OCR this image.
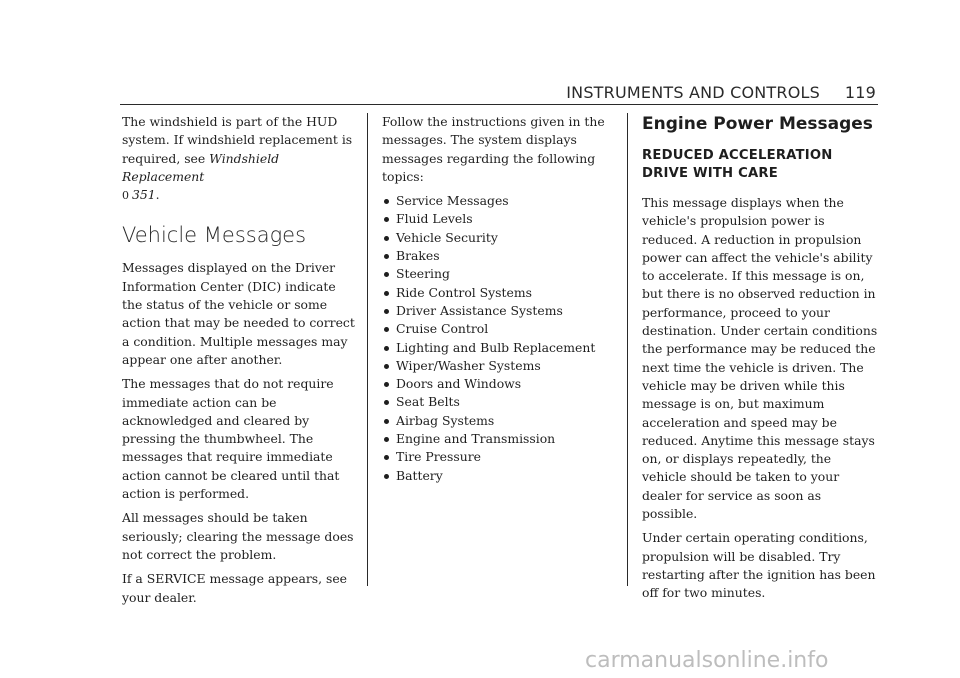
INSTRUMENTS AND CONTROLS 119

The windshield is part of the HUD system. If windshield replacement is required, see Windshield Replacement
0 351.

Vehicle Messages

Messages displayed on the Driver Information Center (DIC) indicate the status of the vehicle or some action that may be needed to correct a condition. Multiple messages may appear one after another.

The messages that do not require immediate action can be acknowledged and cleared by pressing the thumbwheel. The messages that require immediate action cannot be cleared until that action is performed.

All messages should be taken seriously; clearing the message does not correct the problem.

If a SERVICE message appears, see your dealer.

Follow the instructions given in the messages. The system displays messages regarding the following topics:

Service Messages
Fluid Levels
Vehicle Security
Brakes
Steering
Ride Control Systems
Driver Assistance Systems
Cruise Control
Lighting and Bulb Replacement
Wiper/Washer Systems
Doors and Windows
Seat Belts
Airbag Systems
Engine and Transmission
Tire Pressure
Battery
Engine Power Messages
REDUCED ACCELERATION DRIVE WITH CARE

This message displays when the vehicle's propulsion power is reduced. A reduction in propulsion power can affect the vehicle's ability to accelerate. If this message is on, but there is no observed reduction in performance, proceed to your destination. Under certain conditions the performance may be reduced the next time the vehicle is driven. The vehicle may be driven while this message is on, but maximum acceleration and speed may be reduced. Anytime this message stays on, or displays repeatedly, the vehicle should be taken to your dealer for service as soon as possible.

Under certain operating conditions, propulsion will be disabled. Try restarting after the ignition has been off for two minutes.

carmanualsonline.info
